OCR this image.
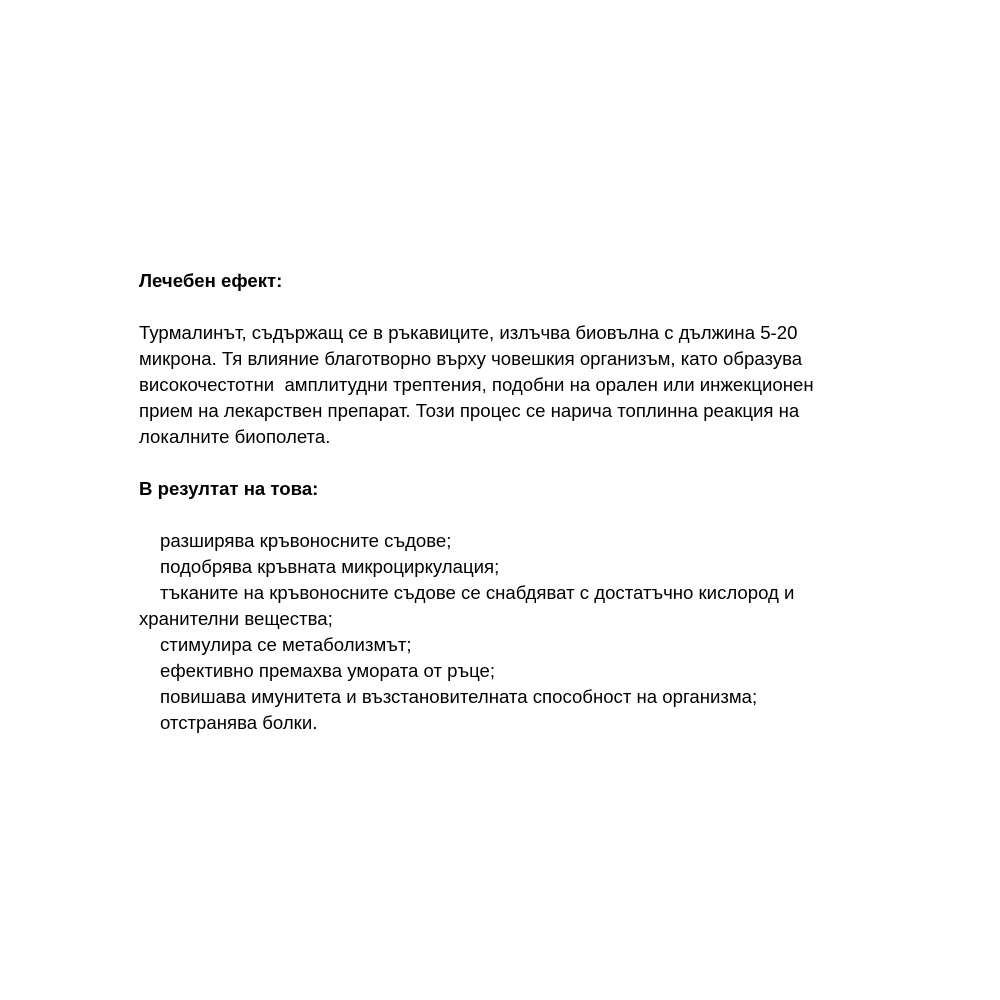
Лечебен ефект:

Турмалинът, съдържащ се в ръкавиците, излъчва биовълна с дължина 5-20
микрона. Тя влияние благотворно върху човешкия организъм, като образува
високочестотни  амплитудни трептения, подобни на орален или инжекционен
прием на лекарствен препарат. Този процес се нарича топлинна реакция на
локалните биополета.

В резултат на това:

разширява кръвоносните съдове;
подобрява кръвната микроциркулация;
тъканите на кръвоносните съдове се снабдяват с достатъчно кислород и хранителни вещества;
стимулира се метаболизмът;
ефективно премахва умората от ръце;
повишава имунитета и възстановителната способност на организма;
отстранява болки.
